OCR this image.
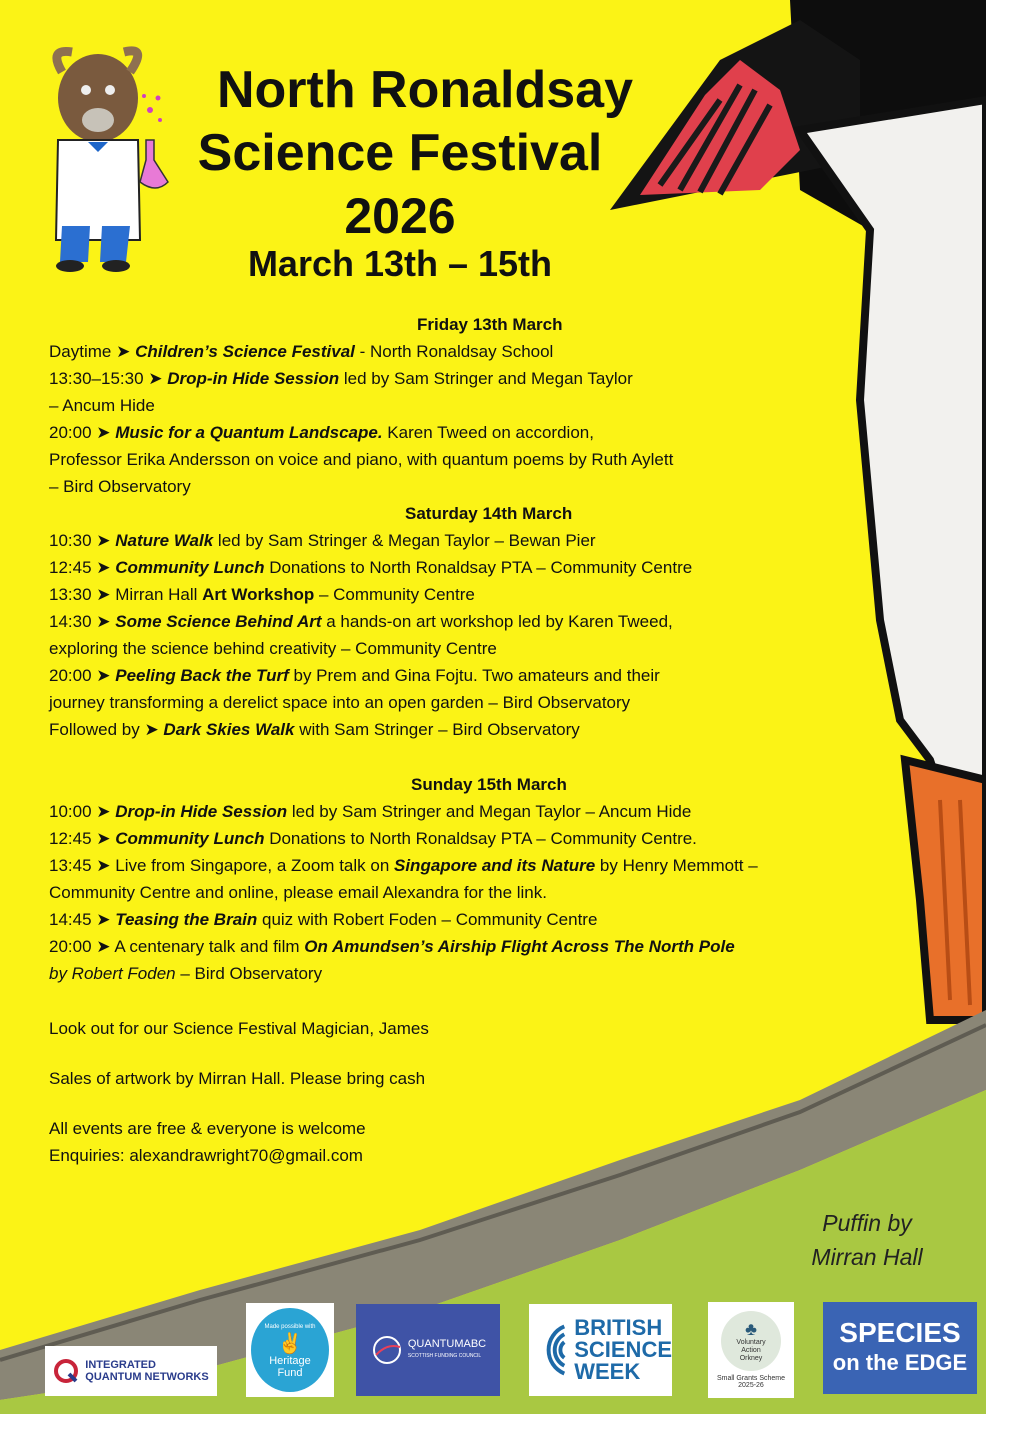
North Ronaldsay
Science Festival
2026
March 13th – 15th
Friday 13th March

Daytime ➤ Children’s Science Festival - North Ronaldsay School

13:30–15:30 ➤ Drop-in Hide Session led by Sam Stringer and Megan Taylor

– Ancum Hide

20:00 ➤ Music for a Quantum Landscape. Karen Tweed on accordion,

Professor Erika Andersson on voice and piano, with quantum poems by Ruth Aylett

– Bird Observatory

Saturday 14th March

10:30 ➤ Nature Walk led by Sam Stringer & Megan Taylor – Bewan Pier

12:45 ➤ Community Lunch Donations to North Ronaldsay PTA – Community Centre

13:30 ➤ Mirran Hall Art Workshop – Community Centre

14:30 ➤ Some Science Behind Art a hands-on art workshop led by Karen Tweed,

exploring the science behind creativity – Community Centre

20:00 ➤ Peeling Back the Turf by Prem and Gina Fojtu. Two amateurs and their

journey transforming a derelict space into an open garden – Bird Observatory

Followed by ➤ Dark Skies Walk with Sam Stringer – Bird Observatory

Sunday 15th March

10:00 ➤ Drop-in Hide Session led by Sam Stringer and Megan Taylor – Ancum Hide

12:45 ➤ Community Lunch Donations to North Ronaldsay PTA – Community Centre.

13:45 ➤ Live from Singapore, a Zoom talk on Singapore and its Nature by Henry Memmott –

Community Centre and online, please email Alexandra for the link.

14:45 ➤ Teasing the Brain quiz with Robert Foden – Community Centre

20:00 ➤ A centenary talk and film On Amundsen’s Airship Flight Across The North Pole

by Robert Foden – Bird Observatory

Look out for our Science Festival Magician, James

Sales of artwork by Mirran Hall. Please bring cash

All events are free & everyone is welcome

Enquiries: alexandrawright70@gmail.com

Puffin by
Mirran Hall
INTEGRATED
QUANTUM NETWORKS
Made possible with
✌
Heritage
Fund
QUANTUMABC
SCOTTISH FUNDING COUNCIL
BRITISH
SCIENCE
WEEK
♣
Voluntary
Action
Orkney
Small Grants Scheme
2025-26
SPECIES
on the EDGE
